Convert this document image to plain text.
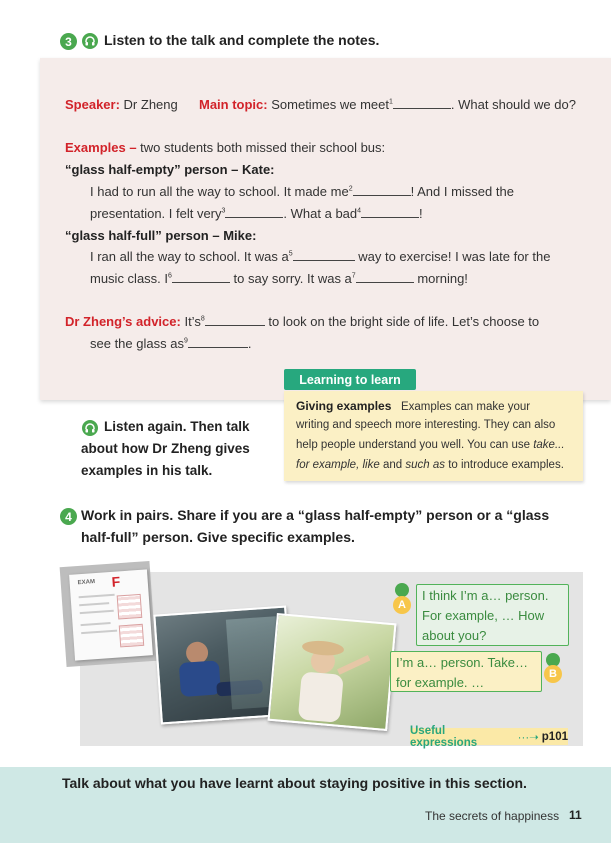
3	Listen to the talk and complete the notes.
Speaker: Dr Zheng Main topic: Sometimes we meet$^1$	. What should we do?
Examples – two students both missed their school bus:
“glass half-empty” person – Kate:
I had to run all the way to school. It made $me^2$	! And I missed the
presentation. I felt very$^3$	. What a bad$^4$	!
“glass half-full” person – Mike:
I ran all the way to school. It was $a^5$	way to exercise! I was late for the
music class. $I^6$	to say sorry. It was $a^7$	morning!
Dr Zheng’s advice: $It’s^8$	to look on the bright side of life. Let’s choose to
see the glass $as^9$	.
Learning to learn
Giving examples Examples can make your
writing and speech more interesting. They can also
help people understand you well. You can use take...
for example, like and such as to introduce examples.
Listen again. Then talk
about how Dr Zheng gives
examples in his talk.
4 Work in pairs. Share if you are a “glass half-empty” person or a “glass
half-full” person. Give specific examples.
EXAM F
A
I think I’m a… person.
For example, … How
about you?
I’m a… person. Take…
for example. …
B
Useful expressions	···➝ p101
Talk about what you have learnt about staying positive in this section.
The secrets of happiness 11
